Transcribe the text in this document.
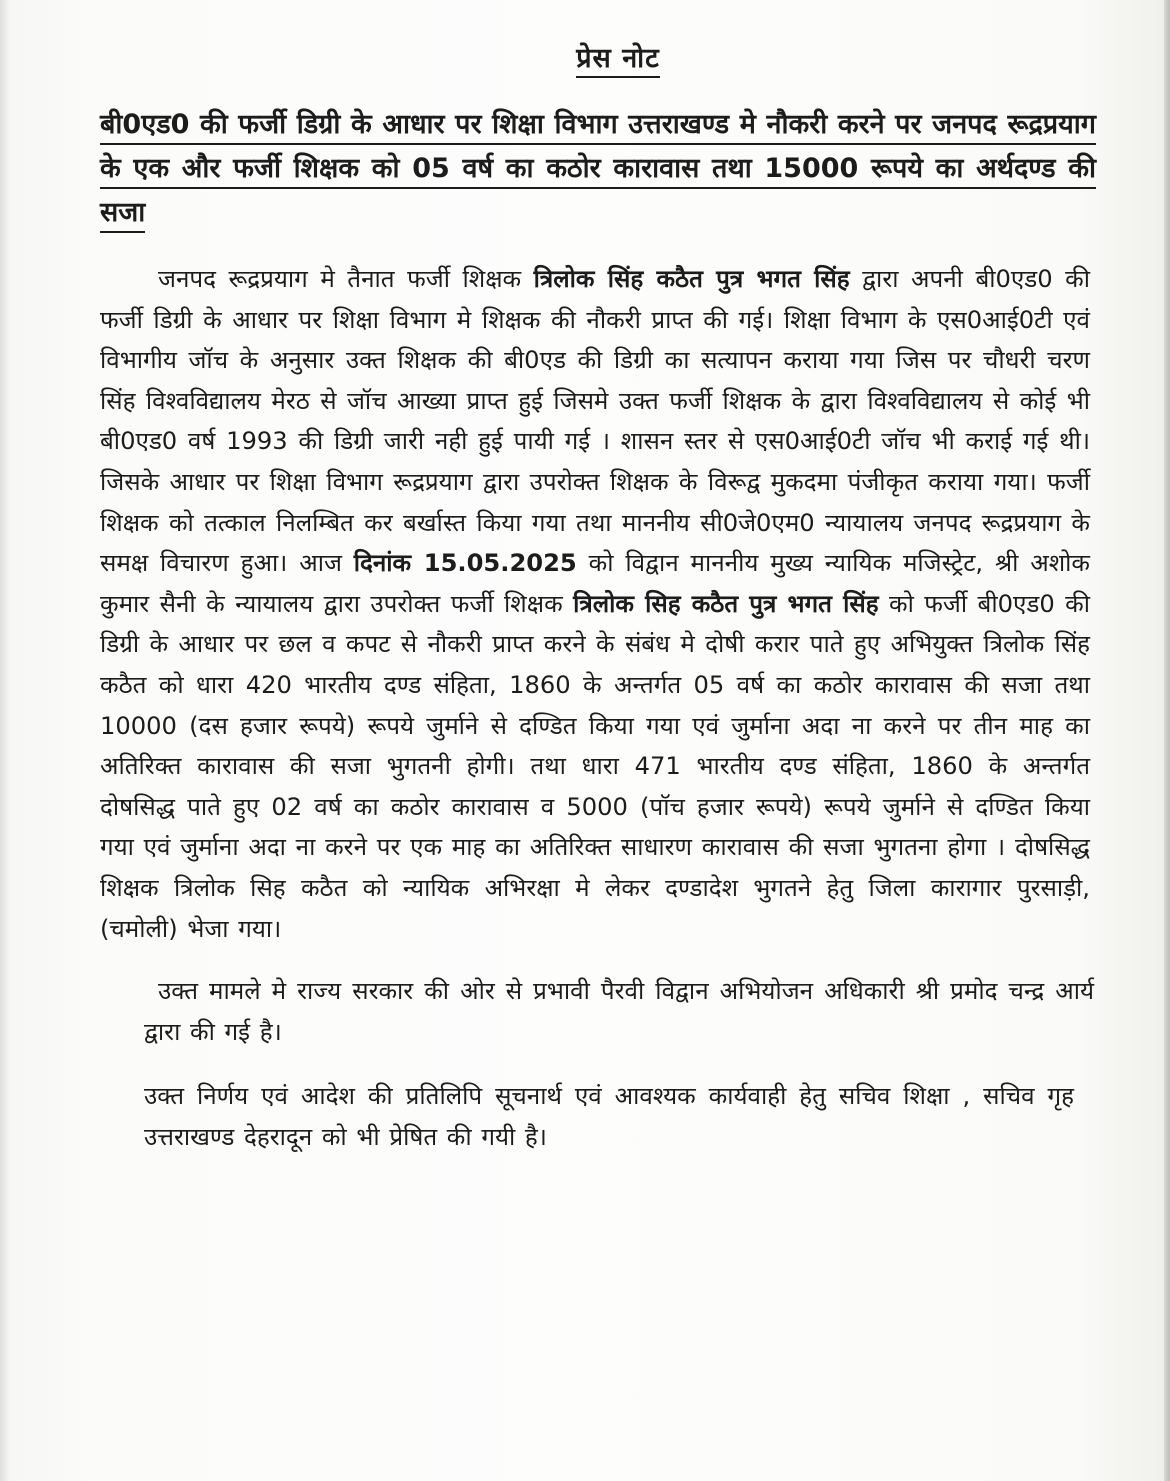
प्रेस नोट
बी0एड0 की फर्जी डिग्री के आधार पर शिक्षा विभाग उत्तराखण्ड मे नौकरी करने पर जनपद रूद्रप्रयाग के एक और फर्जी शिक्षक को 05 वर्ष का कठोर कारावास तथा 15000 रूपये का अर्थदण्ड की सजा

जनपद रूद्रप्रयाग मे तैनात फर्जी शिक्षक त्रिलोक सिंह कठैत पुत्र भगत सिंह द्वारा अपनी बी0एड0 की फर्जी डिग्री के आधार पर शिक्षा विभाग मे शिक्षक की नौकरी प्राप्त की गई। शिक्षा विभाग के एस0आई0टी एवं विभागीय जॉच के अनुसार उक्त शिक्षक की बी0एड की डिग्री का सत्यापन कराया गया जिस पर चौधरी चरण सिंह विश्वविद्यालय मेरठ से जॉच आख्या प्राप्त हुई जिसमे उक्त फर्जी शिक्षक के द्वारा विश्वविद्यालय से कोई भी बी0एड0 वर्ष 1993 की डिग्री जारी नही हुई पायी गई । शासन स्तर से एस0आई0टी जॉच भी कराई गई थी। जिसके आधार पर शिक्षा विभाग रूद्रप्रयाग द्वारा उपरोक्त शिक्षक के विरूद्व मुकदमा पंजीकृत कराया गया। फर्जी शिक्षक को तत्काल निलम्बित कर बर्खास्त किया गया तथा माननीय सी0जे0एम0 न्यायालय जनपद रूद्रप्रयाग के समक्ष विचारण हुआ। आज दिनांक 15.05.2025 को विद्वान माननीय मुख्य न्यायिक मजिस्ट्रेट, श्री अशोक कुमार सैनी के न्यायालय द्वारा उपरोक्त फर्जी शिक्षक त्रिलोक सिह कठैत पुत्र भगत सिंह को फर्जी बी0एड0 की डिग्री के आधार पर छल व कपट से नौकरी प्राप्त करने के संबंध मे दोषी करार पाते हुए अभियुक्त त्रिलोक सिंह कठैत को धारा 420 भारतीय दण्ड संहिता, 1860 के अन्तर्गत 05 वर्ष का कठोर कारावास की सजा तथा 10000 (दस हजार रूपये) रूपये जुर्माने से दण्डित किया गया एवं जुर्माना अदा ना करने पर तीन माह का अतिरिक्त कारावास की सजा भुगतनी होगी। तथा धारा 471 भारतीय दण्ड संहिता, 1860 के अन्तर्गत दोषसिद्ध पाते हुए 02 वर्ष का कठोर कारावास व 5000 (पॉच हजार रूपये) रूपये जुर्माने से दण्डित किया गया एवं जुर्माना अदा ना करने पर एक माह का अतिरिक्त साधारण कारावास की सजा भुगतना होगा । दोषसिद्ध शिक्षक त्रिलोक सिह कठैत को न्यायिक अभिरक्षा मे लेकर दण्डादेश भुगतने हेतु जिला कारागार पुरसाड़ी, (चमोली) भेजा गया।

उक्त मामले मे राज्य सरकार की ओर से प्रभावी पैरवी विद्वान अभियोजन अधिकारी श्री प्रमोद चन्द्र आर्य द्वारा की गई है।

उक्त निर्णय एवं आदेश की प्रतिलिपि सूचनार्थ एवं आवश्यक कार्यवाही हेतु सचिव शिक्षा , सचिव गृह उत्तराखण्ड देहरादून को भी प्रेषित की गयी है।
